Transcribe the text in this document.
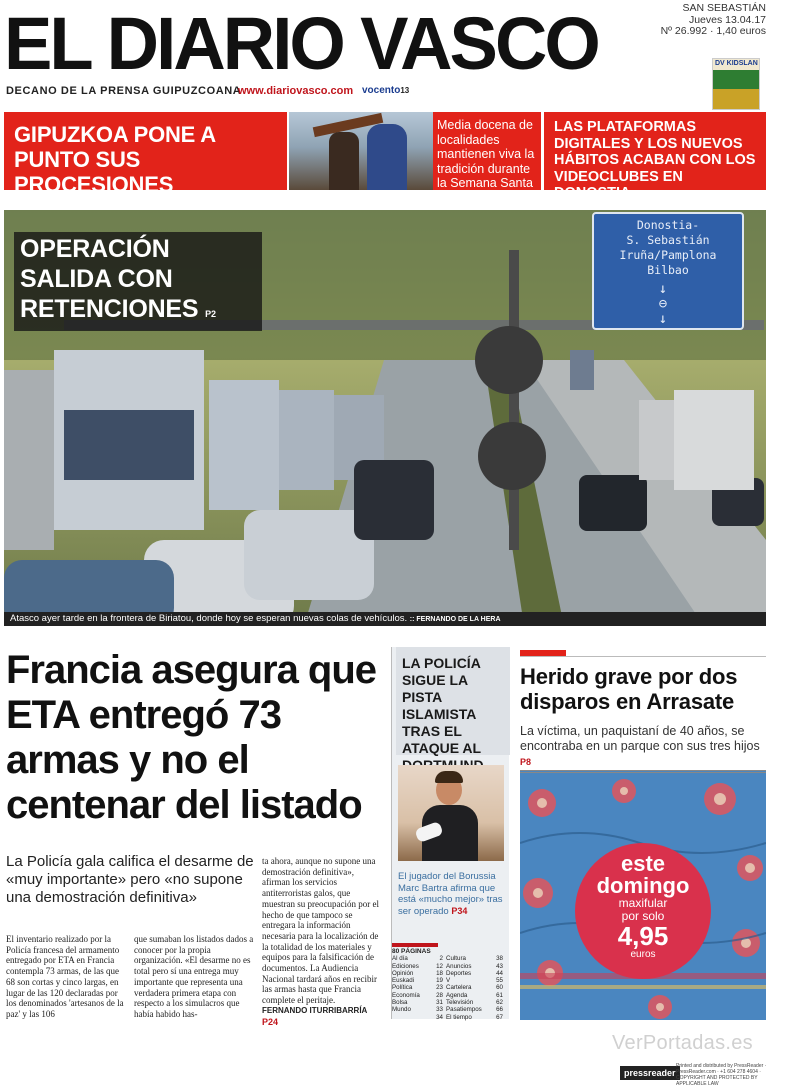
EL DIARIO VASCO	SAN SEBASTIÁN
Jueves 13.04.17
Nº 26.992 · 1,40 euros
DECANO DE LA PRENSA GUIPUZCOANA
www.diariovasco.com vocento13
DV KIDSLAN
GIPUZKOA PONE A PUNTO SUS PROCESIONES
Media docena de localidades mantienen viva la tradición durante la Semana Santa P4
LAS PLATAFORMAS DIGITALES Y LOS NUEVOS HÁBITOS ACABAN CON LOS VIDEOCLUBES EN DONOSTIA P38
Donostia-
S. Sebastián
Iruña/Pamplona
Bilbao
↓ ⊖ ↓
OPERACIÓN SALIDA CON RETENCIONES P2
Atasco ayer tarde en la frontera de Biriatou, donde hoy se esperan nuevas colas de vehículos. :: FERNANDO DE LA HERA
Francia asegura que ETA entregó 73 armas y no el centenar del listado
La Policía gala califica el desarme de «muy importante» pero «no supone una demostración definitiva»
El inventario realizado por la Policía francesa del armamento entregado por ETA en Francia contempla 73 armas, de las que 68 son cortas y cinco largas, en lugar de las 120 declaradas por los denominados 'artesanos de la paz' y las 106
que sumaban los listados dados a conocer por la propia organización. «El desarme no es total pero sí una entrega muy importante que representa una verdadera primera etapa con respecto a los simulacros que había habido has-
ta ahora, aunque no supone una demostración definitiva», afirman los servicios antiterroristas galos, que muestran su preocupación por el hecho de que tampoco se entregara la información necesaria para la localización de la totalidad de los materiales y equipos para la falsificación de documentos. La Audiencia Nacional tardará años en recibir las armas hasta que Francia complete el peritaje.
FERNANDO ITURRIBARRÍA P24
LA POLICÍA SIGUE LA PISTA ISLAMISTA TRAS EL ATAQUE AL
El jugador del Borussia Marc Bartra afirma que está «mucho mejor» tras ser operado P34
80 PÁGINAS
Al día	2 Cultura	38
Ediciones	12 Anuncios	43
Opinión	18 Deportes	44
Euskadi	19 V	55
Política	23 Cartelera	60
Economía	28 Agenda	61
Bolsa	31 Televisión	62
Mundo	33 Pasatiempos	66
34 El tiempo	67
Herido grave por dos disparos en Arrasate
La víctima, un paquistaní de 40 años, se encontraba en un parque con sus tres hijos P8
este
domingo
maxifular
por solo
4,95
euros
VerPortadas.es
pressreader
Printed and distributed by PressReader · PressReader.com · +1 604 278 4604 · COPYRIGHT AND PROTECTED BY APPLICABLE LAW
